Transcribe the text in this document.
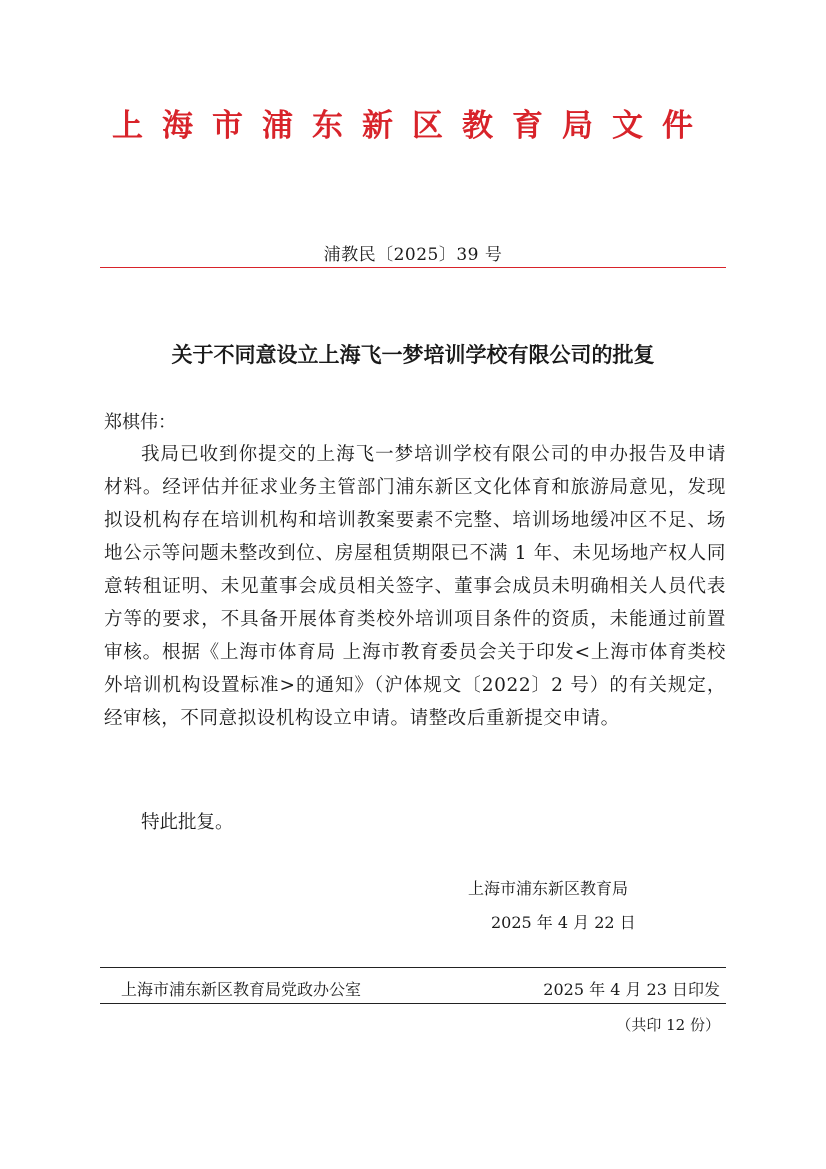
上海市浦东新区教育局文件
浦教民〔2025〕39 号
关于不同意设立上海飞一梦培训学校有限公司的批复
郑棋伟：

我局已收到你提交的上海飞一梦培训学校有限公司的申办报告及申请材料。经评估并征求业务主管部门浦东新区文化体育和旅游局意见，发现拟设机构存在培训机构和培训教案要素不完整、培训场地缓冲区不足、场地公示等问题未整改到位、房屋租赁期限已不满 1 年、未见场地产权人同意转租证明、未见董事会成员相关签字、董事会成员未明确相关人员代表方等的要求，不具备开展体育类校外培训项目条件的资质，未能通过前置审核。根据《上海市体育局 上海市教育委员会关于印发<上海市体育类校外培训机构设置标准>的通知》（沪体规文〔2022〕2 号）的有关规定，经审核，不同意拟设机构设立申请。请整改后重新提交申请。

特此批复。

上海市浦东新区教育局
2025 年 4 月 22 日
上海市浦东新区教育局党政办公室	2025 年 4 月 23 日印发
（共印 12 份）
